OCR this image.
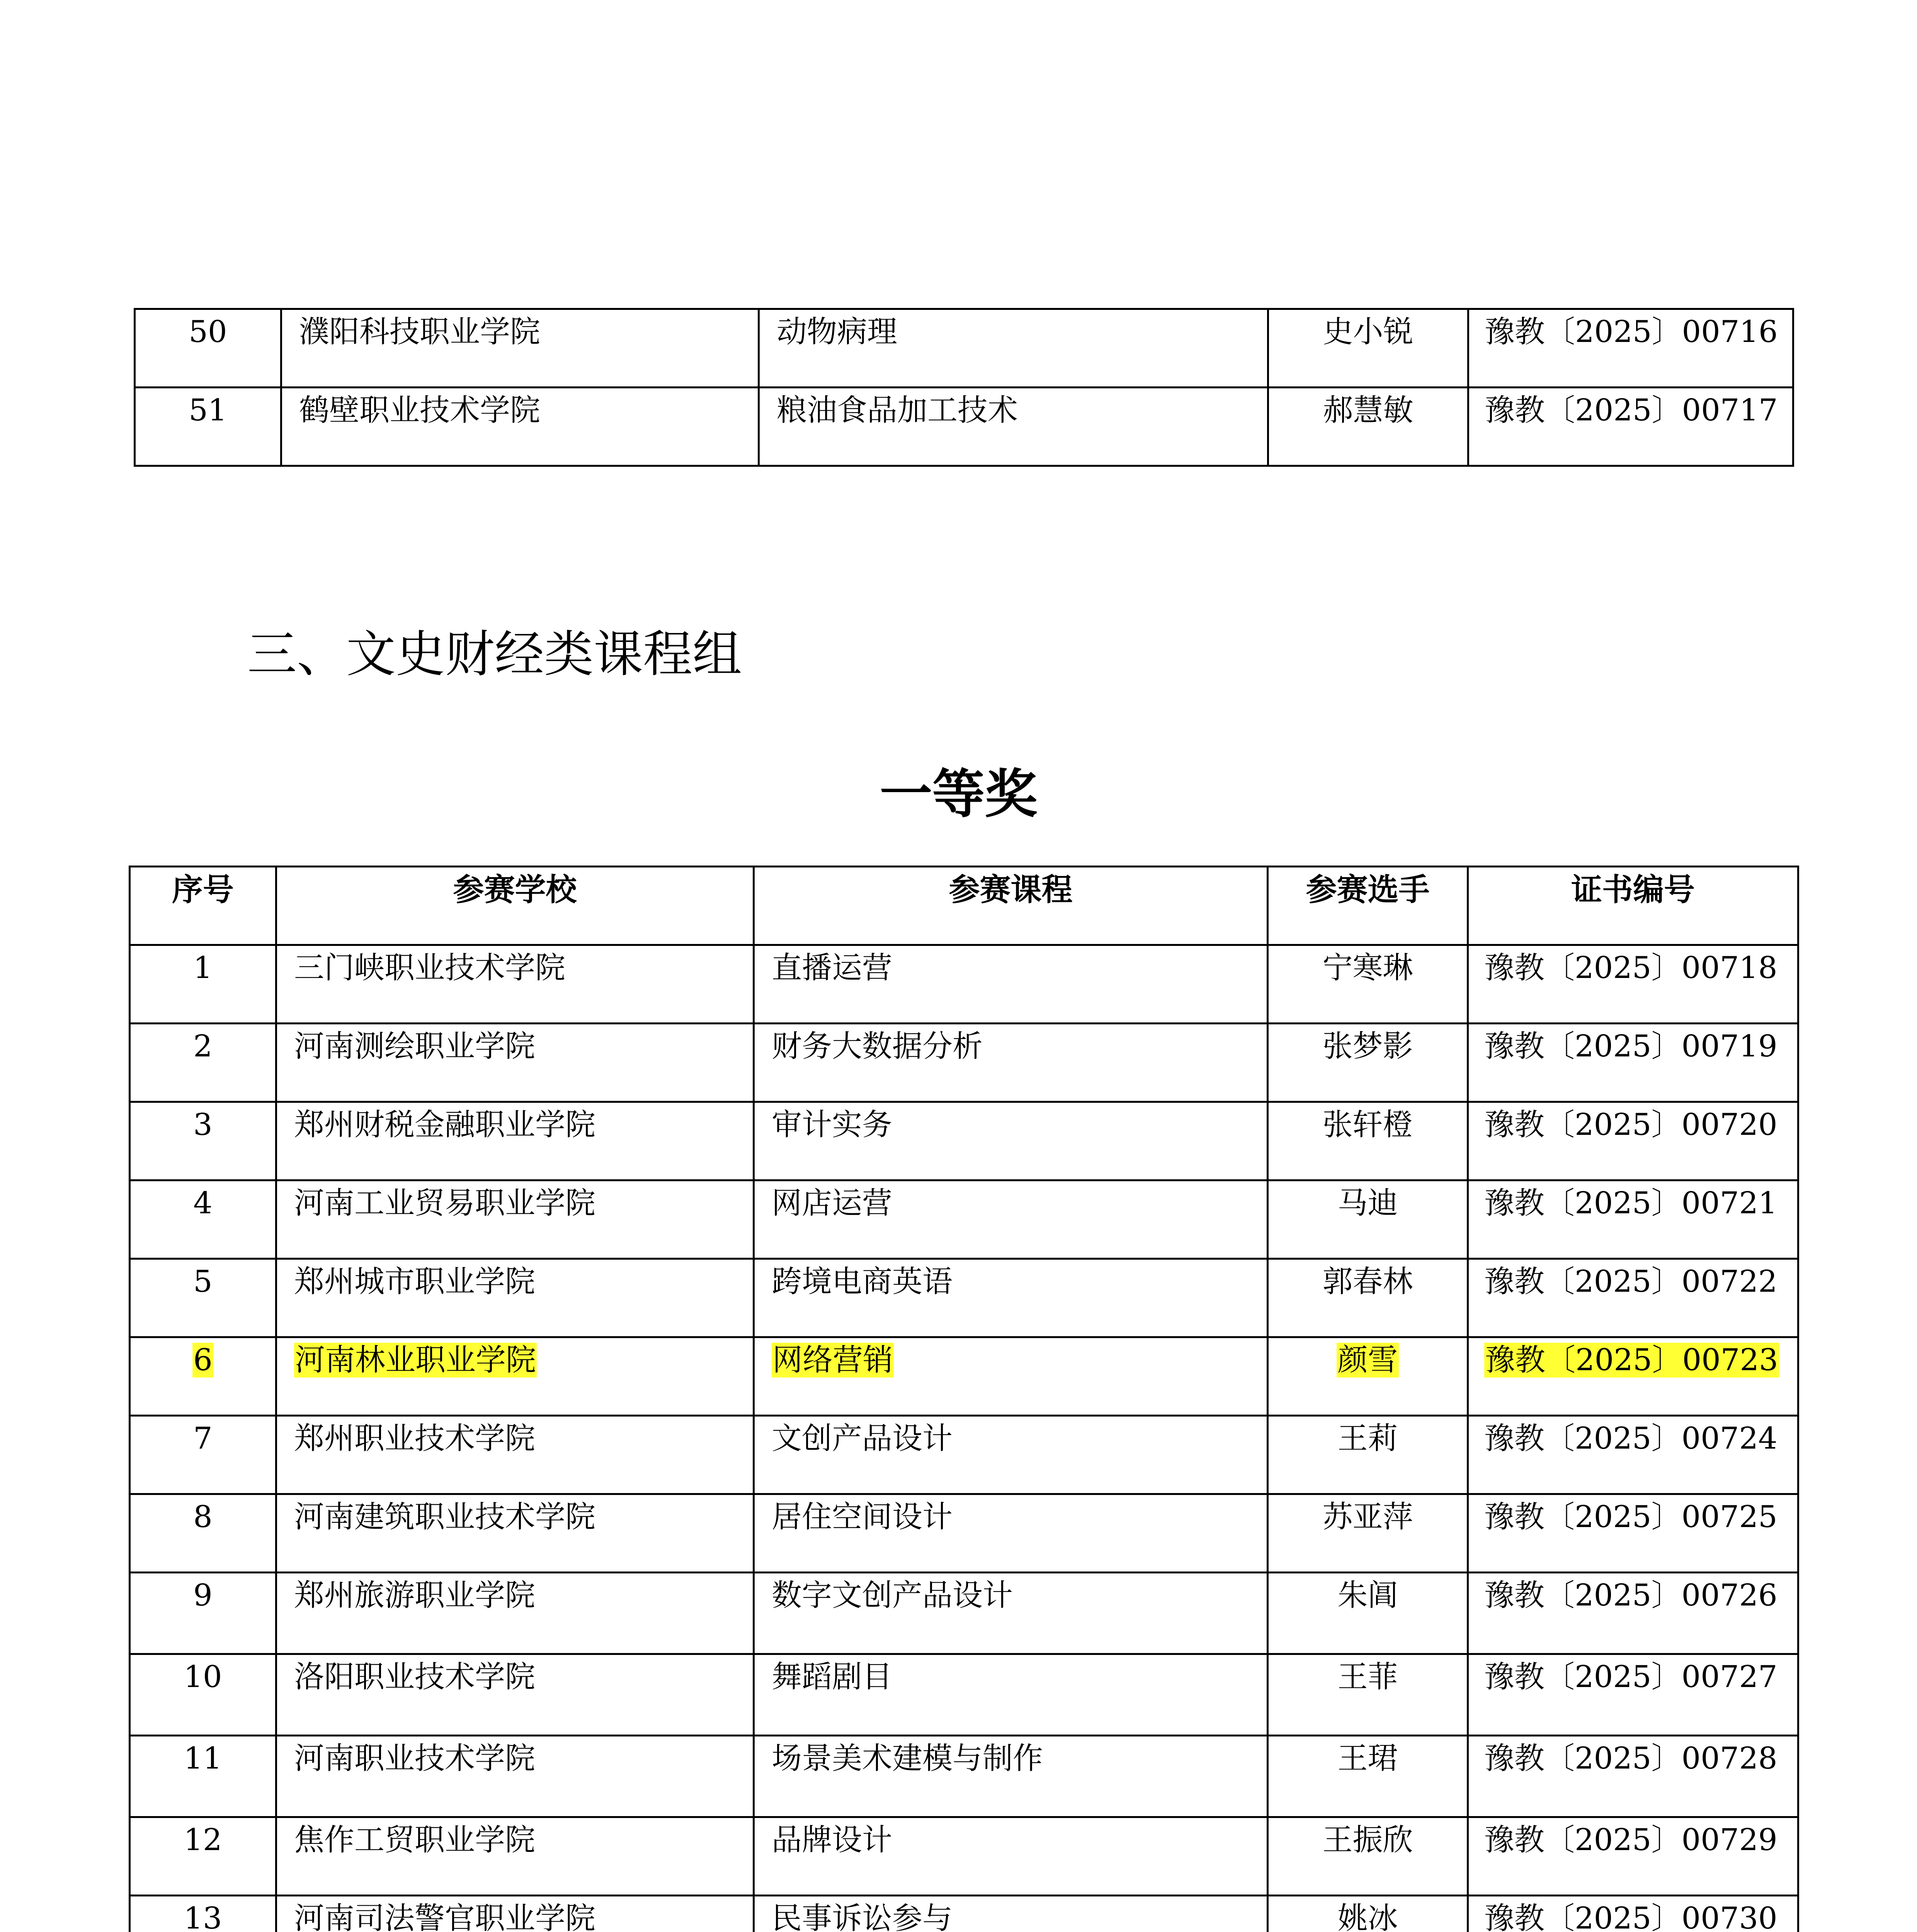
50	濮阳科技职业学院	动物病理	史小锐	豫教〔2025〕00716
51	鹤壁职业技术学院	粮油食品加工技术	郝慧敏	豫教〔2025〕00717
三、文史财经类课程组
一等奖
序号	参赛学校	参赛课程	参赛选手	证书编号
1	三门峡职业技术学院	直播运营	宁寒琳	豫教〔2025〕00718
2	河南测绘职业学院	财务大数据分析	张梦影	豫教〔2025〕00719
3	郑州财税金融职业学院	审计实务	张轩橙	豫教〔2025〕00720
4	河南工业贸易职业学院	网店运营	马迪	豫教〔2025〕00721
5	郑州城市职业学院	跨境电商英语	郭春林	豫教〔2025〕00722
6	河南林业职业学院	网络营销	颜雪	豫教〔2025〕00723
7	郑州职业技术学院	文创产品设计	王莉	豫教〔2025〕00724
8	河南建筑职业技术学院	居住空间设计	苏亚萍	豫教〔2025〕00725
9	郑州旅游职业学院	数字文创产品设计	朱阊	豫教〔2025〕00726
10	洛阳职业技术学院	舞蹈剧目	王菲	豫教〔2025〕00727
11	河南职业技术学院	场景美术建模与制作	王珺	豫教〔2025〕00728
12	焦作工贸职业学院	品牌设计	王振欣	豫教〔2025〕00729
13	河南司法警官职业学院	民事诉讼参与	姚冰	豫教〔2025〕00730
